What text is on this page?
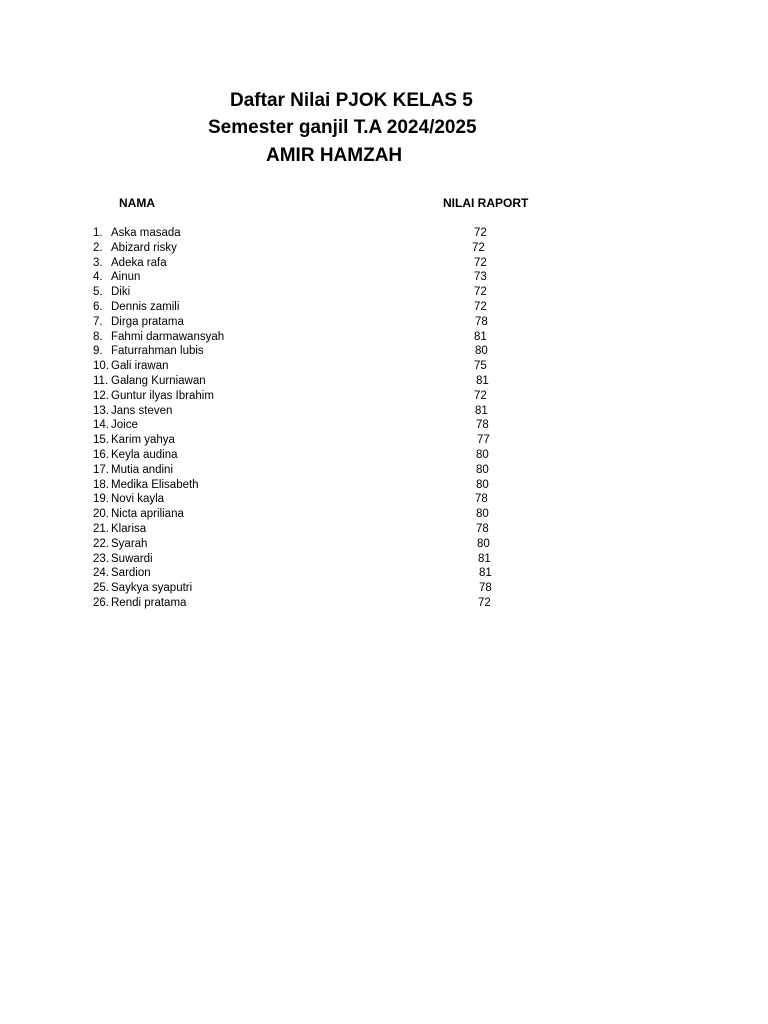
Daftar Nilai PJOK KELAS 5
Semester ganjil T.A 2024/2025
AMIR HAMZAH
NAMA	NILAI RAPORT
1. Aska masada	72
2. Abizard risky	72
3. Adeka rafa	72
4. Ainun	73
5. Diki	72
6. Dennis zamili	72
7. Dirga pratama	78
8. Fahmi darmawansyah	81
9. Faturrahman lubis	80
10. Gali irawan	75
11. Galang Kurniawan	81
12. Guntur ilyas Ibrahim	72
13. Jans steven	81
14. Joice	78
15. Karim yahya	77
16. Keyla audina	80
17. Mutia andini	80
18. Medika Elisabeth	80
19. Novi kayla	78
20. Nicta apriliana	80
21. Klarisa	78
22. Syarah	80
23. Suwardi	81
24. Sardion	81
25. Saykya syaputri	78
26. Rendi pratama	72
